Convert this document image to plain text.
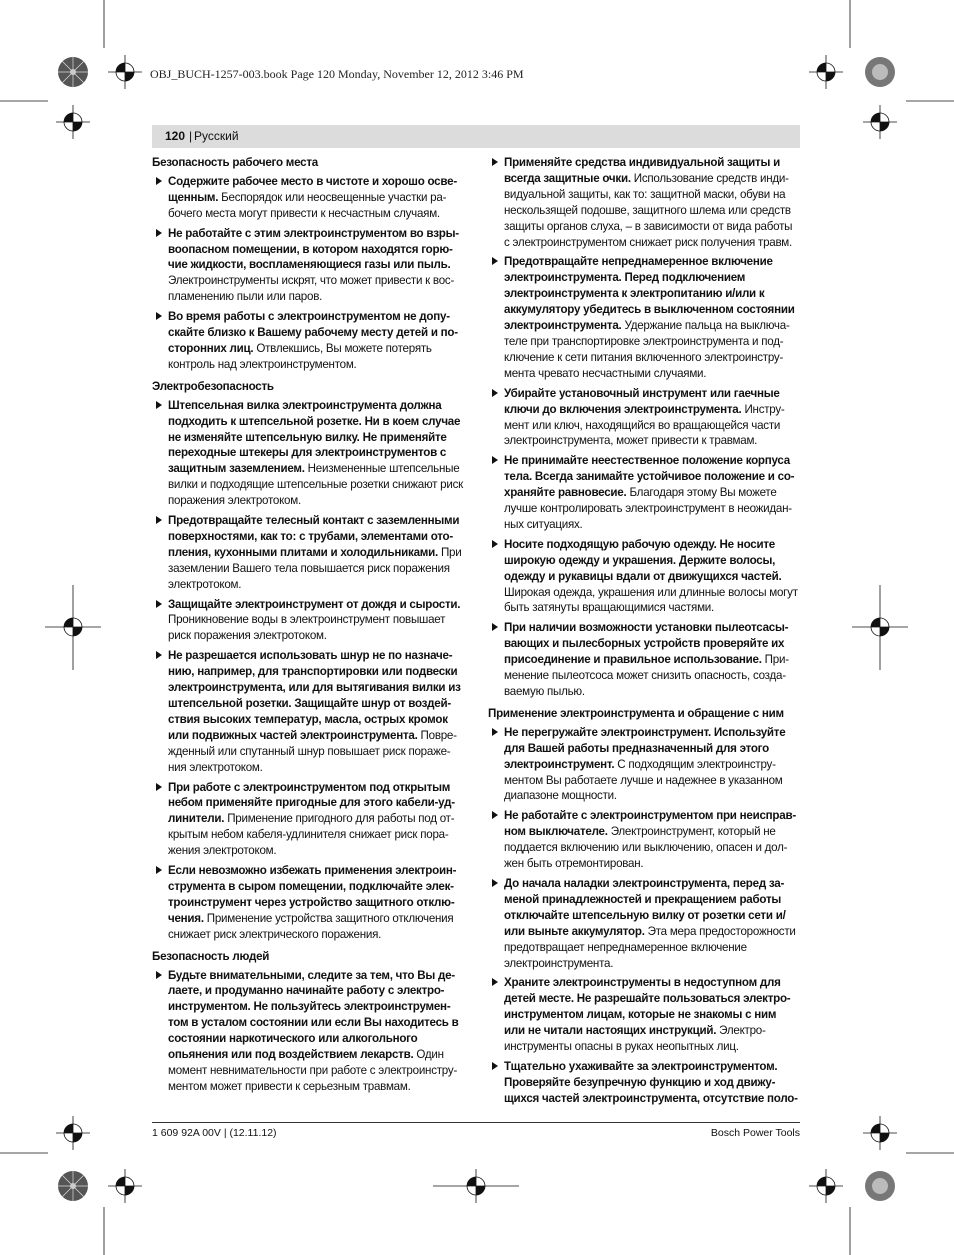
OBJ_BUCH-1257-003.book Page 120 Monday, November 12, 2012 3:46 PM
120 | Русский
Безопасность рабочего места
Содержите рабочее место в чистоте и хорошо освещенным. Беспорядок или неосвещенные участки рабочего места могут привести к несчастным случаям.
Не работайте с этим электроинструментом во взрывоопасном помещении, в котором находятся горючие жидкости, воспламеняющиеся газы или пыль. Электроинструменты искрят, что может привести к воспламенению пыли или паров.
Во время работы с электроинструментом не допускайте близко к Вашему рабочему месту детей и посторонних лиц. Отвлекшись, Вы можете потерять контроль над электроинструментом.
Электробезопасность
Штепсельная вилка электроинструмента должна подходить к штепсельной розетке. Ни в коем случае не изменяйте штепсельную вилку. Не применяйте переходные штекеры для электроинструментов с защитным заземлением. Неизмененные штепсельные вилки и подходящие штепсельные розетки снижают риск поражения электротоком.
Предотвращайте телесный контакт с заземленными поверхностями, как то: с трубами, элементами отопления, кухонными плитами и холодильниками. При заземлении Вашего тела повышается риск поражения электротоком.
Защищайте электроинструмент от дождя и сырости. Проникновение воды в электроинструмент повышает риск поражения электротоком.
Не разрешается использовать шнур не по назначению, например, для транспортировки или подвески электроинструмента, или для вытягивания вилки из штепсельной розетки. Защищайте шнур от воздействия высоких температур, масла, острых кромок или подвижных частей электроинструмента. Поврежденный или спутанный шнур повышает риск поражения электротоком.
При работе с электроинструментом под открытым небом применяйте пригодные для этого кабели-удлинители. Применение пригодного для работы под открытым небом кабеля-удлинителя снижает риск поражения электротоком.
Если невозможно избежать применения электроинструмента в сыром помещении, подключайте электроинструмент через устройство защитного отключения. Применение устройства защитного отключения снижает риск электрического поражения.
Безопасность людей
Будьте внимательными, следите за тем, что Вы делаете, и продуманно начинайте работу с электроинструментом. Не пользуйтесь электроинструментом в усталом состоянии или если Вы находитесь в состоянии наркотического или алкогольного опьянения или под воздействием лекарств. Один момент невнимательности при работе с электроинструментом может привести к серьезным травмам.
Применяйте средства индивидуальной защиты и всегда защитные очки. Использование средств индивидуальной защиты, как то: защитной маски, обуви на нескользящей подошве, защитного шлема или средств защиты органов слуха, – в зависимости от вида работы с электроинструментом снижает риск получения травм.
Предотвращайте непреднамеренное включение электроинструмента. Перед подключением электроинструмента к электропитанию и/или к аккумулятору убедитесь в выключенном состоянии электроинструмента. Удержание пальца на выключателе при транспортировке электроинструмента и подключение к сети питания включенного электроинструмента чревато несчастными случаями.
Убирайте установочный инструмент или гаечные ключи до включения электроинструмента. Инструмент или ключ, находящийся во вращающейся части электроинструмента, может привести к травмам.
Не принимайте неестественное положение корпуса тела. Всегда занимайте устойчивое положение и сохраняйте равновесие. Благодаря этому Вы можете лучше контролировать электроинструмент в неожиданных ситуациях.
Носите подходящую рабочую одежду. Не носите широкую одежду и украшения. Держите волосы, одежду и рукавицы вдали от движущихся частей. Широкая одежда, украшения или длинные волосы могут быть затянуты вращающимися частями.
При наличии возможности установки пылеотсасывающих и пылесборных устройств проверяйте их присоединение и правильное использование. Применение пылеотсоса может снизить опасность, создаваемую пылью.
Применение электроинструмента и обращение с ним
Не перегружайте электроинструмент. Используйте для Вашей работы предназначенный для этого электроинструмент. С подходящим электроинструментом Вы работаете лучше и надежнее в указанном диапазоне мощности.
Не работайте с электроинструментом при неисправном выключателе. Электроинструмент, который не поддается включению или выключению, опасен и должен быть отремонтирован.
До начала наладки электроинструмента, перед заменой принадлежностей и прекращением работы отключайте штепсельную вилку от розетки сети и/или выньте аккумулятор. Эта мера предосторожности предотвращает непреднамеренное включение электроинструмента.
Храните электроинструменты в недоступном для детей месте. Не разрешайте пользоваться электроинструментом лицам, которые не знакомы с ним или не читали настоящих инструкций. Электроинструменты опасны в руках неопытных лиц.
Тщательно ухаживайте за электроинструментом. Проверяйте безупречную функцию и ход движущихся частей электроинструмента, отсутствие поло-
1 609 92A 00V | (12.11.12)	Bosch Power Tools
